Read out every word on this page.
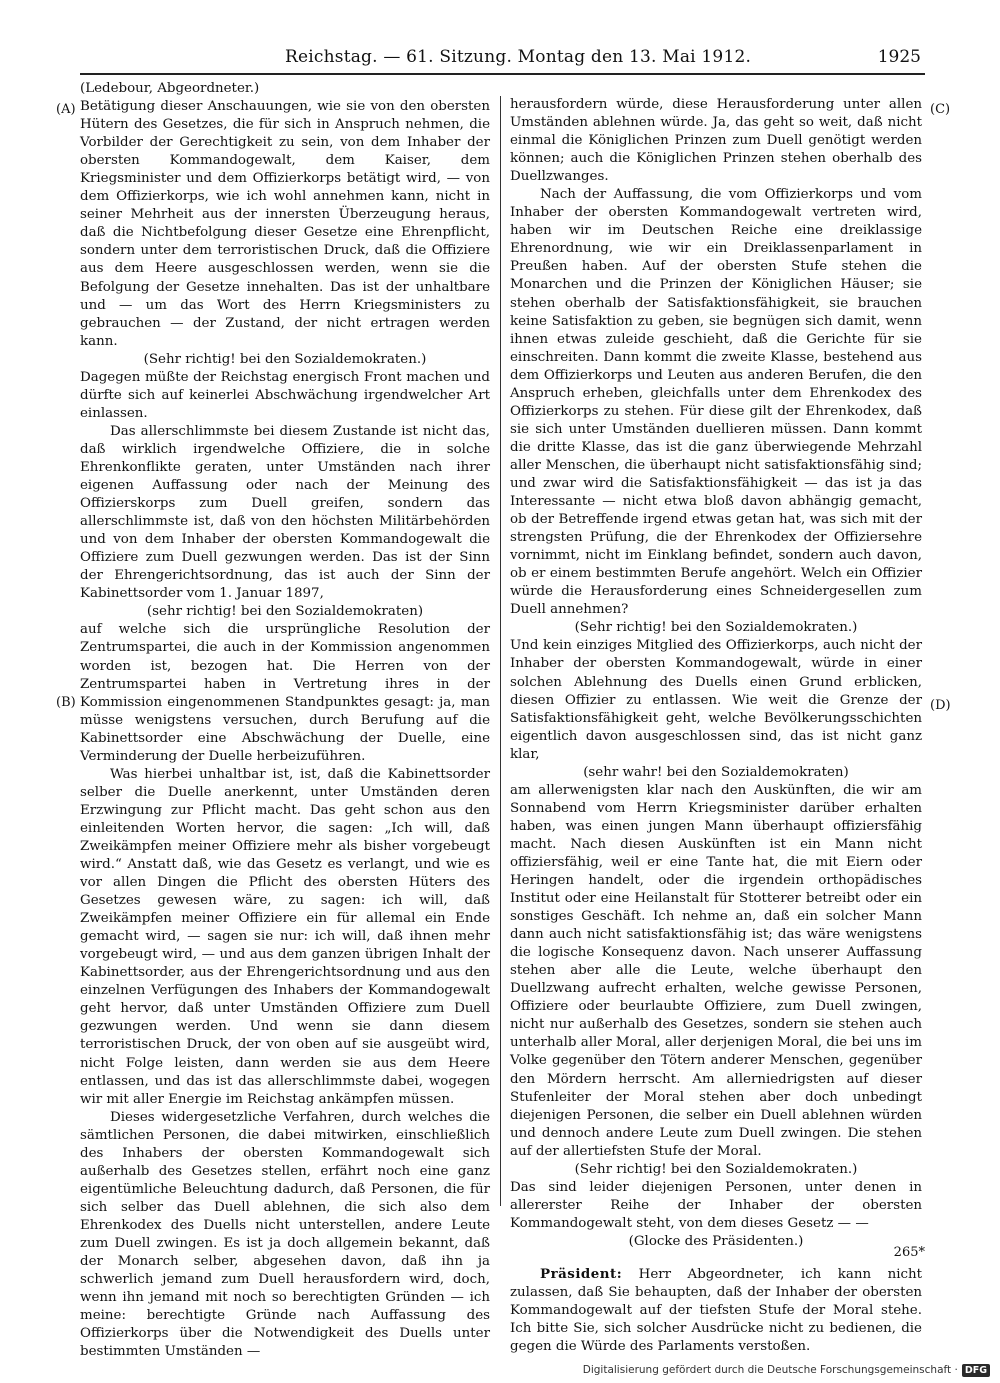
Reichstag. — 61. Sitzung. Montag den 13. Mai 1912.	1925
(A)
(B)
(C)
(D)

(Ledebour, Abgeordneter.)

Betätigung dieser Anschauungen, wie sie von den obersten Hütern des Gesetzes, die für sich in Anspruch nehmen, die Vorbilder der Gerechtigkeit zu sein, von dem Inhaber der obersten Kommandogewalt, dem Kaiser, dem Kriegsminister und dem Offizierkorps betätigt wird, — von dem Offizierkorps, wie ich wohl annehmen kann, nicht in seiner Mehrheit aus der innersten Überzeugung heraus, daß die Nichtbefolgung dieser Gesetze eine Ehrenpflicht, sondern unter dem terroristischen Druck, daß die Offiziere aus dem Heere ausgeschlossen werden, wenn sie die Befolgung der Gesetze innehalten. Das ist der unhaltbare und — um das Wort des Herrn Kriegsministers zu gebrauchen — der Zustand, der nicht ertragen werden kann.

(Sehr richtig! bei den Sozialdemokraten.)

Dagegen müßte der Reichstag energisch Front machen und dürfte sich auf keinerlei Abschwächung irgendwelcher Art einlassen.

Das allerschlimmste bei diesem Zustande ist nicht das, daß wirklich irgendwelche Offiziere, die in solche Ehrenkonflikte geraten, unter Umständen nach ihrer eigenen Auffassung oder nach der Meinung des Offizierskorps zum Duell greifen, sondern das allerschlimmste ist, daß von den höchsten Militärbehörden und von dem Inhaber der obersten Kommandogewalt die Offiziere zum Duell gezwungen werden. Das ist der Sinn der Ehrengerichtsordnung, das ist auch der Sinn der Kabinettsorder vom 1. Januar 1897,

(sehr richtig! bei den Sozialdemokraten)

auf welche sich die ursprüngliche Resolution der Zentrumspartei, die auch in der Kommission angenommen worden ist, bezogen hat. Die Herren von der Zentrumspartei haben in Vertretung ihres in der Kommission eingenommenen Standpunktes gesagt: ja, man müsse wenigstens versuchen, durch Berufung auf die Kabinettsorder eine Abschwächung der Duelle, eine Verminderung der Duelle herbeizuführen.

Was hierbei unhaltbar ist, ist, daß die Kabinettsorder selber die Duelle anerkennt, unter Umständen deren Erzwingung zur Pflicht macht. Das geht schon aus den einleitenden Worten hervor, die sagen: „Ich will, daß Zweikämpfen meiner Offiziere mehr als bisher vorgebeugt wird.“ Anstatt daß, wie das Gesetz es verlangt, und wie es vor allen Dingen die Pflicht des obersten Hüters des Gesetzes gewesen wäre, zu sagen: ich will, daß Zweikämpfen meiner Offiziere ein für allemal ein Ende gemacht wird, — sagen sie nur: ich will, daß ihnen mehr vorgebeugt wird, — und aus dem ganzen übrigen Inhalt der Kabinettsorder, aus der Ehrengerichtsordnung und aus den einzelnen Verfügungen des Inhabers der Kommandogewalt geht hervor, daß unter Umständen Offiziere zum Duell gezwungen werden. Und wenn sie dann diesem terroristischen Druck, der von oben auf sie ausgeübt wird, nicht Folge leisten, dann werden sie aus dem Heere entlassen, und das ist das allerschlimmste dabei, wogegen wir mit aller Energie im Reichstag ankämpfen müssen.

Dieses widergesetzliche Verfahren, durch welches die sämtlichen Personen, die dabei mitwirken, einschließlich des Inhabers der obersten Kommandogewalt sich außerhalb des Gesetzes stellen, erfährt noch eine ganz eigentümliche Beleuchtung dadurch, daß Personen, die für sich selber das Duell ablehnen, die sich also dem Ehrenkodex des Duells nicht unterstellen, andere Leute zum Duell zwingen. Es ist ja doch allgemein bekannt, daß der Monarch selber, abgesehen davon, daß ihn ja schwerlich jemand zum Duell herausfordern wird, doch, wenn ihn jemand mit noch so berechtigten Gründen — ich meine: berechtigte Gründe nach Auffassung des Offizierkorps über die Notwendigkeit des Duells unter bestimmten Umständen —

herausfordern würde, diese Herausforderung unter allen Umständen ablehnen würde. Ja, das geht so weit, daß nicht einmal die Königlichen Prinzen zum Duell genötigt werden können; auch die Königlichen Prinzen stehen oberhalb des Duellzwanges.

Nach der Auffassung, die vom Offizierkorps und vom Inhaber der obersten Kommandogewalt vertreten wird, haben wir im Deutschen Reiche eine dreiklassige Ehrenordnung, wie wir ein Dreiklassenparlament in Preußen haben. Auf der obersten Stufe stehen die Monarchen und die Prinzen der Königlichen Häuser; sie stehen oberhalb der Satisfaktionsfähigkeit, sie brauchen keine Satisfaktion zu geben, sie begnügen sich damit, wenn ihnen etwas zuleide geschieht, daß die Gerichte für sie einschreiten. Dann kommt die zweite Klasse, bestehend aus dem Offizierkorps und Leuten aus anderen Berufen, die den Anspruch erheben, gleichfalls unter dem Ehrenkodex des Offizierkorps zu stehen. Für diese gilt der Ehrenkodex, daß sie sich unter Umständen duellieren müssen. Dann kommt die dritte Klasse, das ist die ganz überwiegende Mehrzahl aller Menschen, die überhaupt nicht satisfaktionsfähig sind; und zwar wird die Satisfaktionsfähigkeit — das ist ja das Interessante — nicht etwa bloß davon abhängig gemacht, ob der Betreffende irgend etwas getan hat, was sich mit der strengsten Prüfung, die der Ehrenkodex der Offiziersehre vornimmt, nicht im Einklang befindet, sondern auch davon, ob er einem bestimmten Berufe angehört. Welch ein Offizier würde die Herausforderung eines Schneidergesellen zum Duell annehmen?

(Sehr richtig! bei den Sozialdemokraten.)

Und kein einziges Mitglied des Offizierkorps, auch nicht der Inhaber der obersten Kommandogewalt, würde in einer solchen Ablehnung des Duells einen Grund erblicken, diesen Offizier zu entlassen. Wie weit die Grenze der Satisfaktionsfähigkeit geht, welche Bevölkerungsschichten eigentlich davon ausgeschlossen sind, das ist nicht ganz klar,

(sehr wahr! bei den Sozialdemokraten)

am allerwenigsten klar nach den Auskünften, die wir am Sonnabend vom Herrn Kriegsminister darüber erhalten haben, was einen jungen Mann überhaupt offiziersfähig macht. Nach diesen Auskünften ist ein Mann nicht offiziersfähig, weil er eine Tante hat, die mit Eiern oder Heringen handelt, oder die irgendein orthopädisches Institut oder eine Heilanstalt für Stotterer betreibt oder ein sonstiges Geschäft. Ich nehme an, daß ein solcher Mann dann auch nicht satisfaktionsfähig ist; das wäre wenigstens die logische Konsequenz davon. Nach unserer Auffassung stehen aber alle die Leute, welche überhaupt den Duellzwang aufrecht erhalten, welche gewisse Personen, Offiziere oder beurlaubte Offiziere, zum Duell zwingen, nicht nur außerhalb des Gesetzes, sondern sie stehen auch unterhalb aller Moral, aller derjenigen Moral, die bei uns im Volke gegenüber den Tötern anderer Menschen, gegenüber den Mördern herrscht. Am allerniedrigsten auf dieser Stufenleiter der Moral stehen aber doch unbedingt diejenigen Personen, die selber ein Duell ablehnen würden und dennoch andere Leute zum Duell zwingen. Die stehen auf der allertiefsten Stufe der Moral.

(Sehr richtig! bei den Sozialdemokraten.)

Das sind leider diejenigen Personen, unter denen in allererster Reihe der Inhaber der obersten Kommandogewalt steht, von dem dieses Gesetz — —

(Glocke des Präsidenten.)

Präsident: Herr Abgeordneter, ich kann nicht zulassen, daß Sie behaupten, daß der Inhaber der obersten Kommandogewalt auf der tiefsten Stufe der Moral stehe. Ich bitte Sie, sich solcher Ausdrücke nicht zu bedienen, die gegen die Würde des Parlaments verstoßen.

265*
Digitalisierung gefördert durch die Deutsche Forschungsgemeinschaft · DFG
